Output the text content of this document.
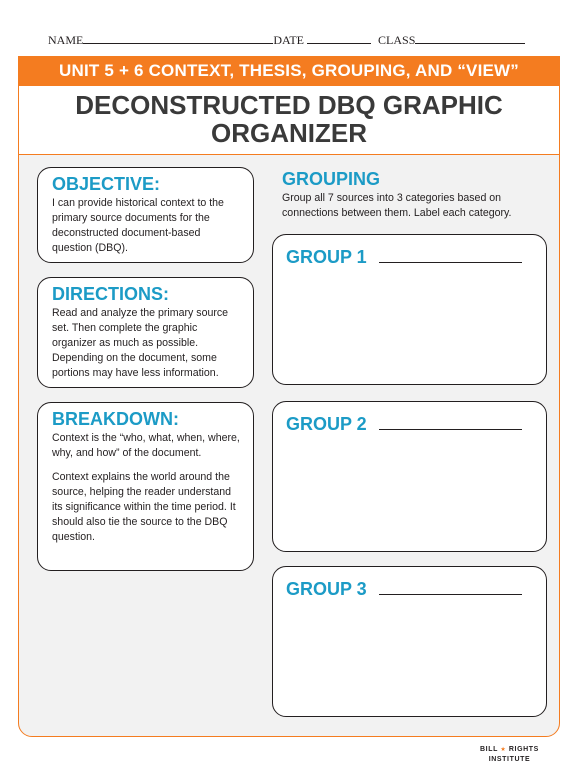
NAME	DATE	CLASS
UNIT 5 + 6 CONTEXT, THESIS, GROUPING, AND “VIEW”
DECONSTRUCTED DBQ GRAPHIC
ORGANIZER
OBJECTIVE:

I can provide historical context to the primary source documents for the deconstructed document-based question (DBQ).

DIRECTIONS:

Read and analyze the primary source set. Then complete the graphic organizer as much as possible. Depending on the document, some portions may have less information.

BREAKDOWN:

Context is the “who, what, when, where, why, and how” of the document.

Context explains the world around the source, helping the reader understand its significance within the time period. It should also tie the source to the DBQ question.

GROUPING
Group all 7 sources into 3 categories based on connections between them. Label each category.
GROUP 1
GROUP 2
GROUP 3
BILL ★ RIGHTS
INSTITUTE
